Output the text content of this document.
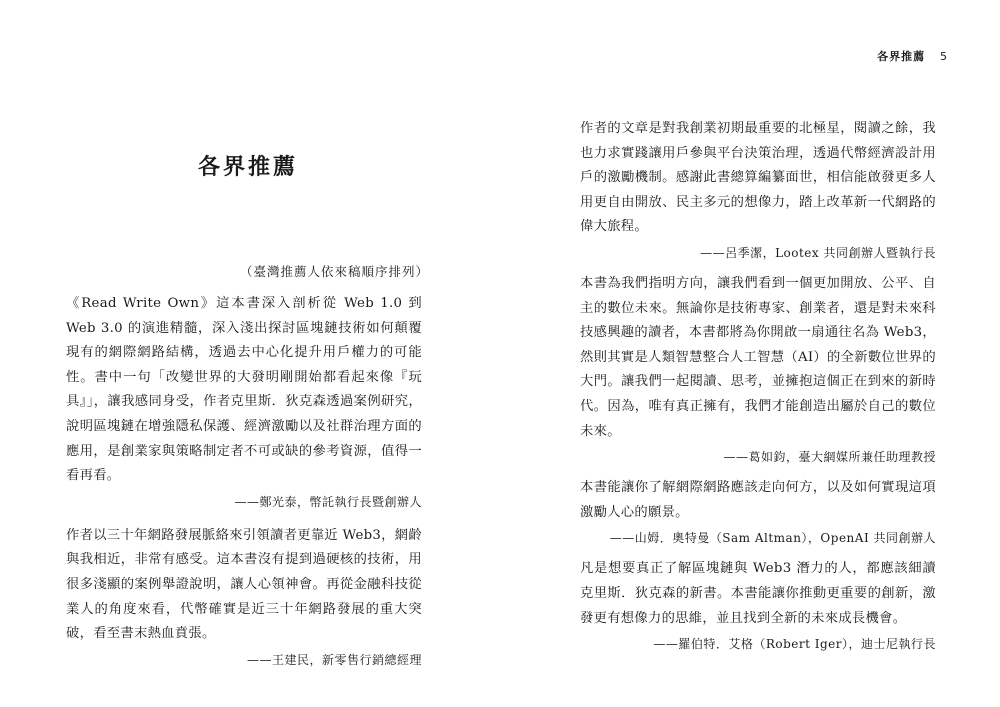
各界推薦 5
各界推薦
（臺灣推薦人依來稿順序排列）

《Read Write Own》這本書深入剖析從 Web 1.0 到 Web 3.0 的演進精髓，深入淺出探討區塊鏈技術如何顛覆現有的網際網路結構，透過去中心化提升用戶權力的可能性。書中一句「改變世界的大發明剛開始都看起來像『玩具』」，讓我感同身受，作者克里斯．狄克森透過案例研究，說明區塊鏈在增強隱私保護、經濟激勵以及社群治理方面的應用，是創業家與策略制定者不可或缺的參考資源，值得一看再看。

——鄭光泰，幣託執行長暨創辦人

作者以三十年網路發展脈絡來引領讀者更靠近 Web3，網齡與我相近，非常有感受。這本書沒有提到過硬核的技術，用很多淺顯的案例舉證說明，讓人心領神會。再從金融科技從業人的角度來看，代幣確實是近三十年網路發展的重大突破，看至書末熱血賁張。

——王建民，新零售行銷總經理

作者的文章是對我創業初期最重要的北極星，閱讀之餘，我也力求實踐讓用戶參與平台決策治理，透過代幣經濟設計用戶的激勵機制。感謝此書總算編纂面世，相信能啟發更多人用更自由開放、民主多元的想像力，踏上改革新一代網路的偉大旅程。

——呂季潔，Lootex 共同創辦人暨執行長

本書為我們指明方向，讓我們看到一個更加開放、公平、自主的數位未來。無論你是技術專家、創業者，還是對未來科技感興趣的讀者，本書都將為你開啟一扇通往名為 Web3，然則其實是人類智慧整合人工智慧（AI）的全新數位世界的大門。讓我們一起閱讀、思考，並擁抱這個正在到來的新時代。因為，唯有真正擁有，我們才能創造出屬於自己的數位未來。

——葛如鈞，臺大網媒所兼任助理教授

本書能讓你了解網際網路應該走向何方，以及如何實現這項激勵人心的願景。

——山姆．奧特曼（Sam Altman），OpenAI 共同創辦人

凡是想要真正了解區塊鏈與 Web3 潛力的人，都應該細讀克里斯．狄克森的新書。本書能讓你推動更重要的創新，激發更有想像力的思維，並且找到全新的未來成長機會。

——羅伯特．艾格（Robert Iger），迪士尼執行長
